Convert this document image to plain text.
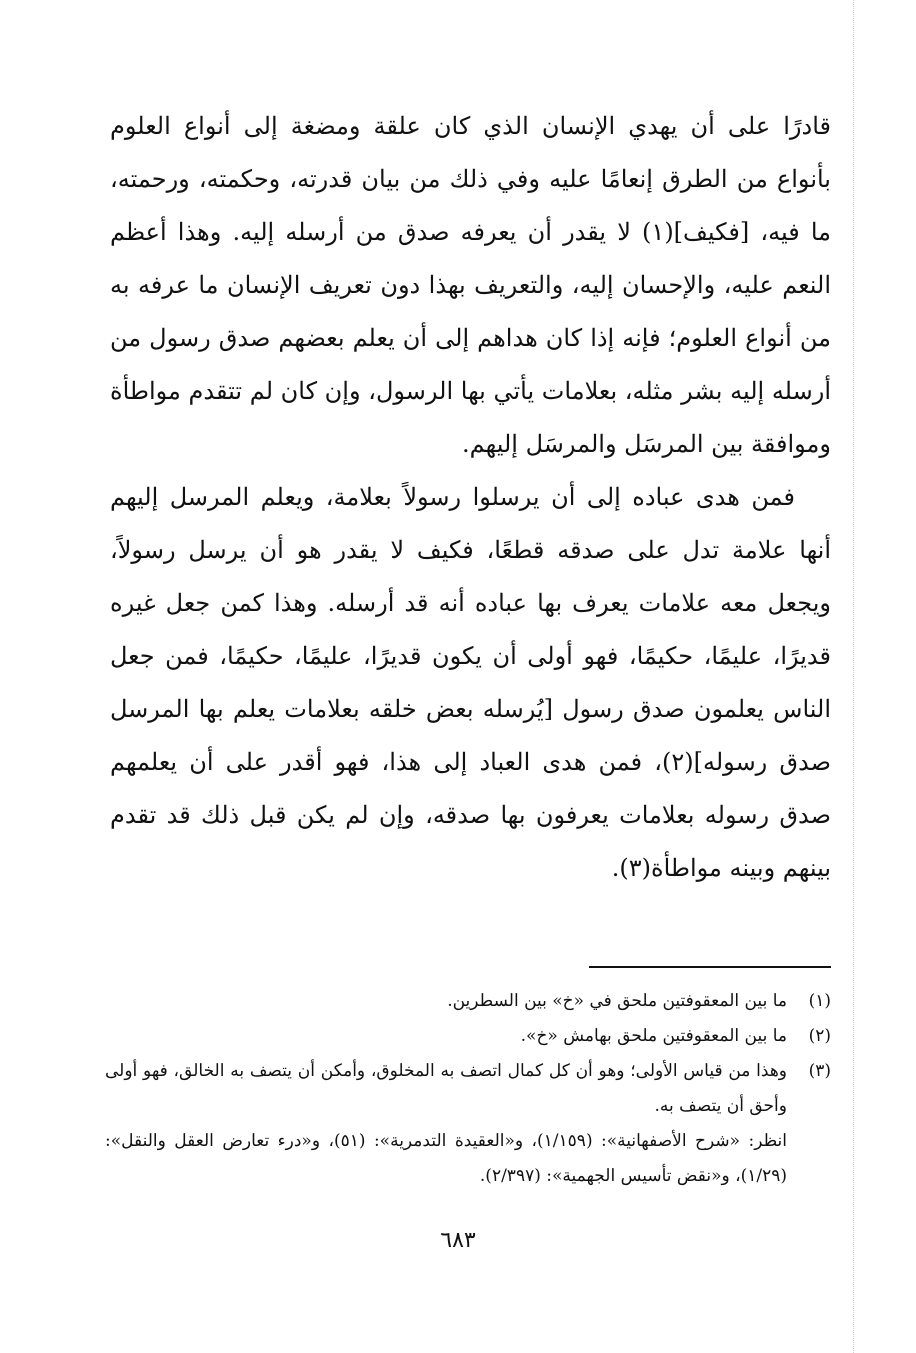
قادرًا على أن يهدي الإنسان الذي كان علقة ومضغة إلى أنواع العلوم بأنواع من الطرق إنعامًا عليه وفي ذلك من بيان قدرته، وحكمته، ورحمته، ما فيه، [فكيف](١) لا يقدر أن يعرفه صدق من أرسله إليه. وهذا أعظم النعم عليه، والإحسان إليه، والتعريف بهذا دون تعريف الإنسان ما عرفه به من أنواع العلوم؛ فإنه إذا كان هداهم إلى أن يعلم بعضهم صدق رسول من أرسله إليه بشر مثله، بعلامات يأتي بها الرسول، وإن كان لم تتقدم مواطأة وموافقة بين المرسَل والمرسَل إليهم.

فمن هدى عباده إلى أن يرسلوا رسولاً بعلامة، ويعلم المرسل إليهم أنها علامة تدل على صدقه قطعًا، فكيف لا يقدر هو أن يرسل رسولاً، ويجعل معه علامات يعرف بها عباده أنه قد أرسله. وهذا كمن جعل غيره قديرًا، عليمًا، حكيمًا، فهو أولى أن يكون قديرًا، عليمًا، حكيمًا، فمن جعل الناس يعلمون صدق رسول [يُرسله بعض خلقه بعلامات يعلم بها المرسل صدق رسوله](٢)، فمن هدى العباد إلى هذا، فهو أقدر على أن يعلمهم صدق رسوله بعلامات يعرفون بها صدقه، وإن لم يكن قبل ذلك قد تقدم بينهم وبينه مواطأة(٣).

(١)
ما بين المعقوفتين ملحق في «خ» بين السطرين.
(٢)
ما بين المعقوفتين ملحق بهامش «خ».
(٣)
وهذا من قياس الأولى؛ وهو أن كل كمال اتصف به المخلوق، وأمكن أن يتصف به الخالق، فهو أولى وأحق أن يتصف به.

انظر: «شرح الأصفهانية»: (١/١٥٩)، و«العقيدة التدمرية»: (٥١)، و«درء تعارض العقل والنقل»: (١/٢٩)، و«نقض تأسيس الجهمية»: (٢/٣٩٧).

٦٨٣
